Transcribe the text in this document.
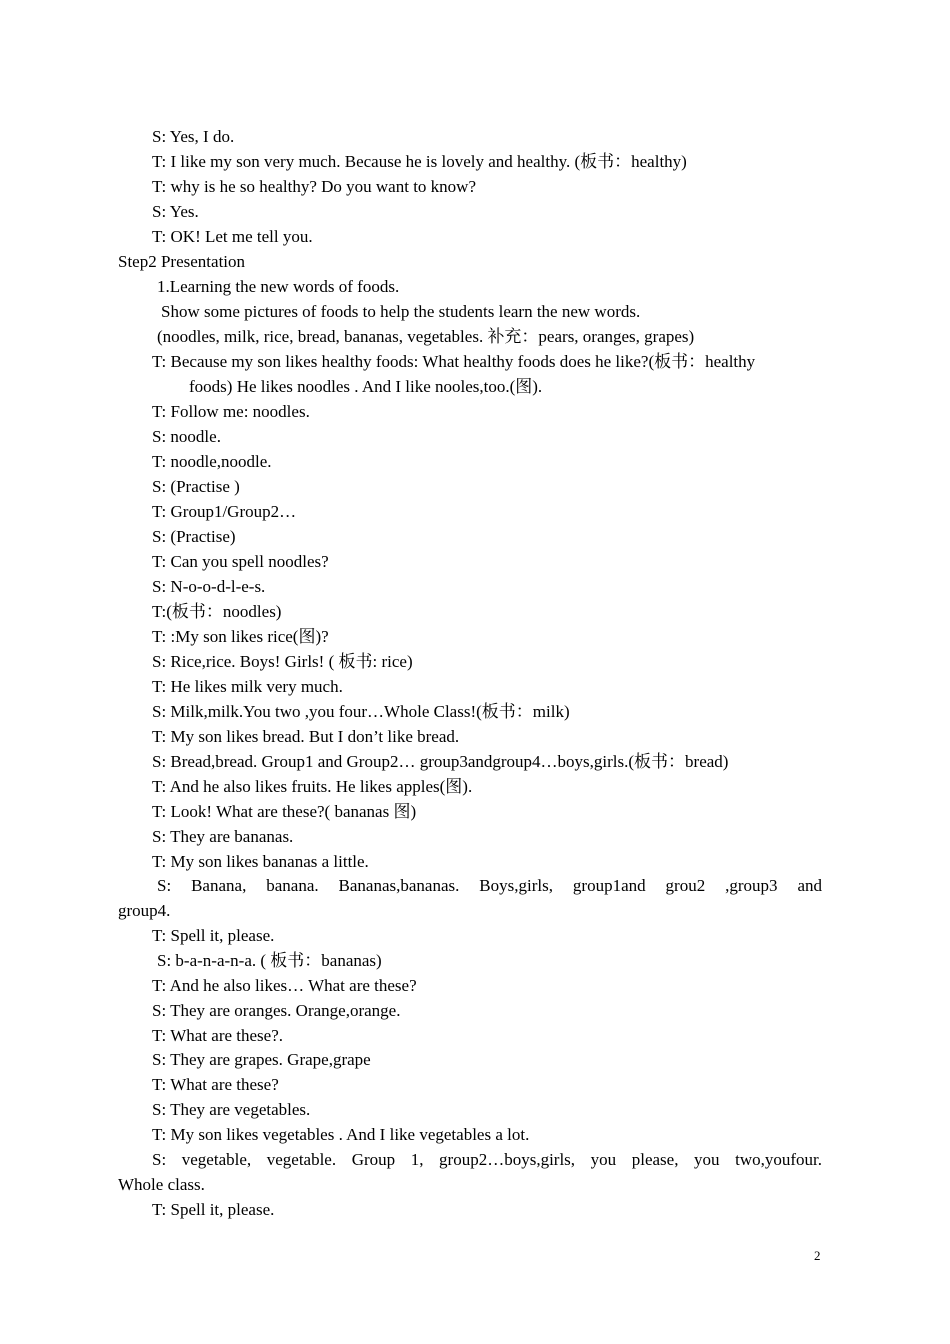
S: Yes, I do.
T: I like my son very much. Because he is lovely and healthy. (板书：healthy)
T: why is he so healthy? Do you want to know?
S: Yes.
T: OK! Let me tell you.
Step2 Presentation
1.Learning the new words of foods.
Show some pictures of foods to help the students learn the new words.
(noodles, milk, rice, bread, bananas, vegetables. 补充：pears, oranges, grapes)
T: Because my son likes healthy foods: What healthy foods does he like?(板书：healthy
foods) He likes noodles . And I like nooles,too.(图).
T: Follow me: noodles.
S: noodle.
T: noodle,noodle.
S: (Practise )
T: Group1/Group2…
S: (Practise)
T: Can you spell noodles?
S: N-o-o-d-l-e-s.
T:(板书：noodles)
T: :My son likes rice(图)?
S: Rice,rice. Boys! Girls! ( 板书: rice)
T: He likes milk very much.
S: Milk,milk.You two ,you four…Whole Class!(板书：milk)
T: My son likes bread. But I don’t like bread.
S: Bread,bread. Group1 and Group2… group3andgroup4…boys,girls.(板书：bread)
T: And he also likes fruits. He likes apples(图).
T: Look! What are these?( bananas 图)
S: They are bananas.
T: My son likes bananas a little.
S: Banana, banana. Bananas,bananas. Boys,girls, group1and grou2 ,group3 and
group4.
T: Spell it, please.
S: b-a-n-a-n-a. ( 板书：bananas)
T: And he also likes… What are these?
S: They are oranges. Orange,orange.
T: What are these?.
S: They are grapes. Grape,grape
T: What are these?
S: They are vegetables.
T: My son likes vegetables . And I like vegetables a lot.
S: vegetable, vegetable. Group 1, group2…boys,girls, you please, you two,youfour.
Whole class.
T: Spell it, please.
2
